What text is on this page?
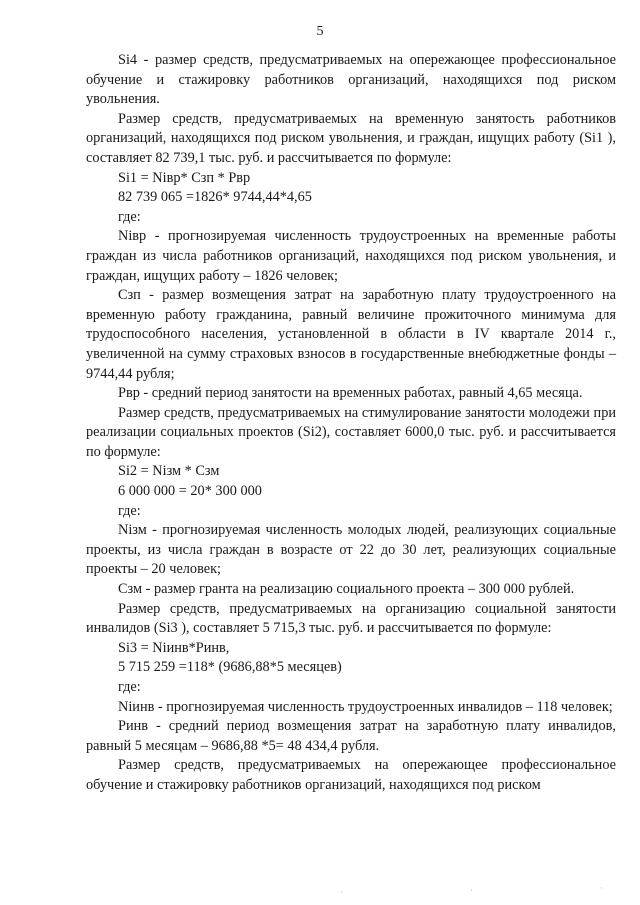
5

Si4 - размер средств, предусматриваемых на опережающее профессиональное обучение и стажировку работников организаций, находящихся под риском увольнения.

Размер средств, предусматриваемых на временную занятость работников организаций, находящихся под риском увольнения, и граждан, ищущих работу (Si1 ), составляет 82 739,1 тыс. руб. и рассчитывается по формуле:

Si1 = Niвр* Сзп * Рвр

82 739 065 =1826* 9744,44*4,65

где:

Niвр - прогнозируемая численность трудоустроенных на временные работы граждан из числа работников организаций, находящихся под риском увольнения, и граждан, ищущих работу – 1826 человек;

Сзп - размер возмещения затрат на заработную плату трудоустроенного на временную работу гражданина, равный величине прожиточного минимума для трудоспособного населения, установленной в области в IV квартале 2014 г., увеличенной на сумму страховых взносов в государственные внебюджетные фонды – 9744,44 рубля;

Рвр - средний период занятости на временных работах, равный 4,65 месяца.

Размер средств, предусматриваемых на стимулирование занятости молодежи при реализации социальных проектов (Si2), составляет 6000,0 тыс. руб. и рассчитывается по формуле:

Si2 = Niзм * Сзм

6 000 000 = 20* 300 000

где:

Niзм - прогнозируемая численность молодых людей, реализующих социальные проекты, из числа граждан в возрасте от 22 до 30 лет, реализующих социальные проекты – 20 человек;

Сзм - размер гранта на реализацию социального проекта – 300 000 рублей.

Размер средств, предусматриваемых на организацию социальной занятости инвалидов (Si3 ), составляет 5 715,3 тыс. руб. и рассчитывается по формуле:

Si3 = Niинв*Ринв,

5 715 259 =118* (9686,88*5 месяцев)

где:

Niинв - прогнозируемая численность трудоустроенных инвалидов – 118 человек;

Ринв - средний период возмещения затрат на заработную плату инвалидов, равный 5 месяцам – 9686,88 *5= 48 434,4 рубля.

Размер средств, предусматриваемых на опережающее профессиональное обучение и стажировку работников организаций, находящихся под риском

·	·	·
